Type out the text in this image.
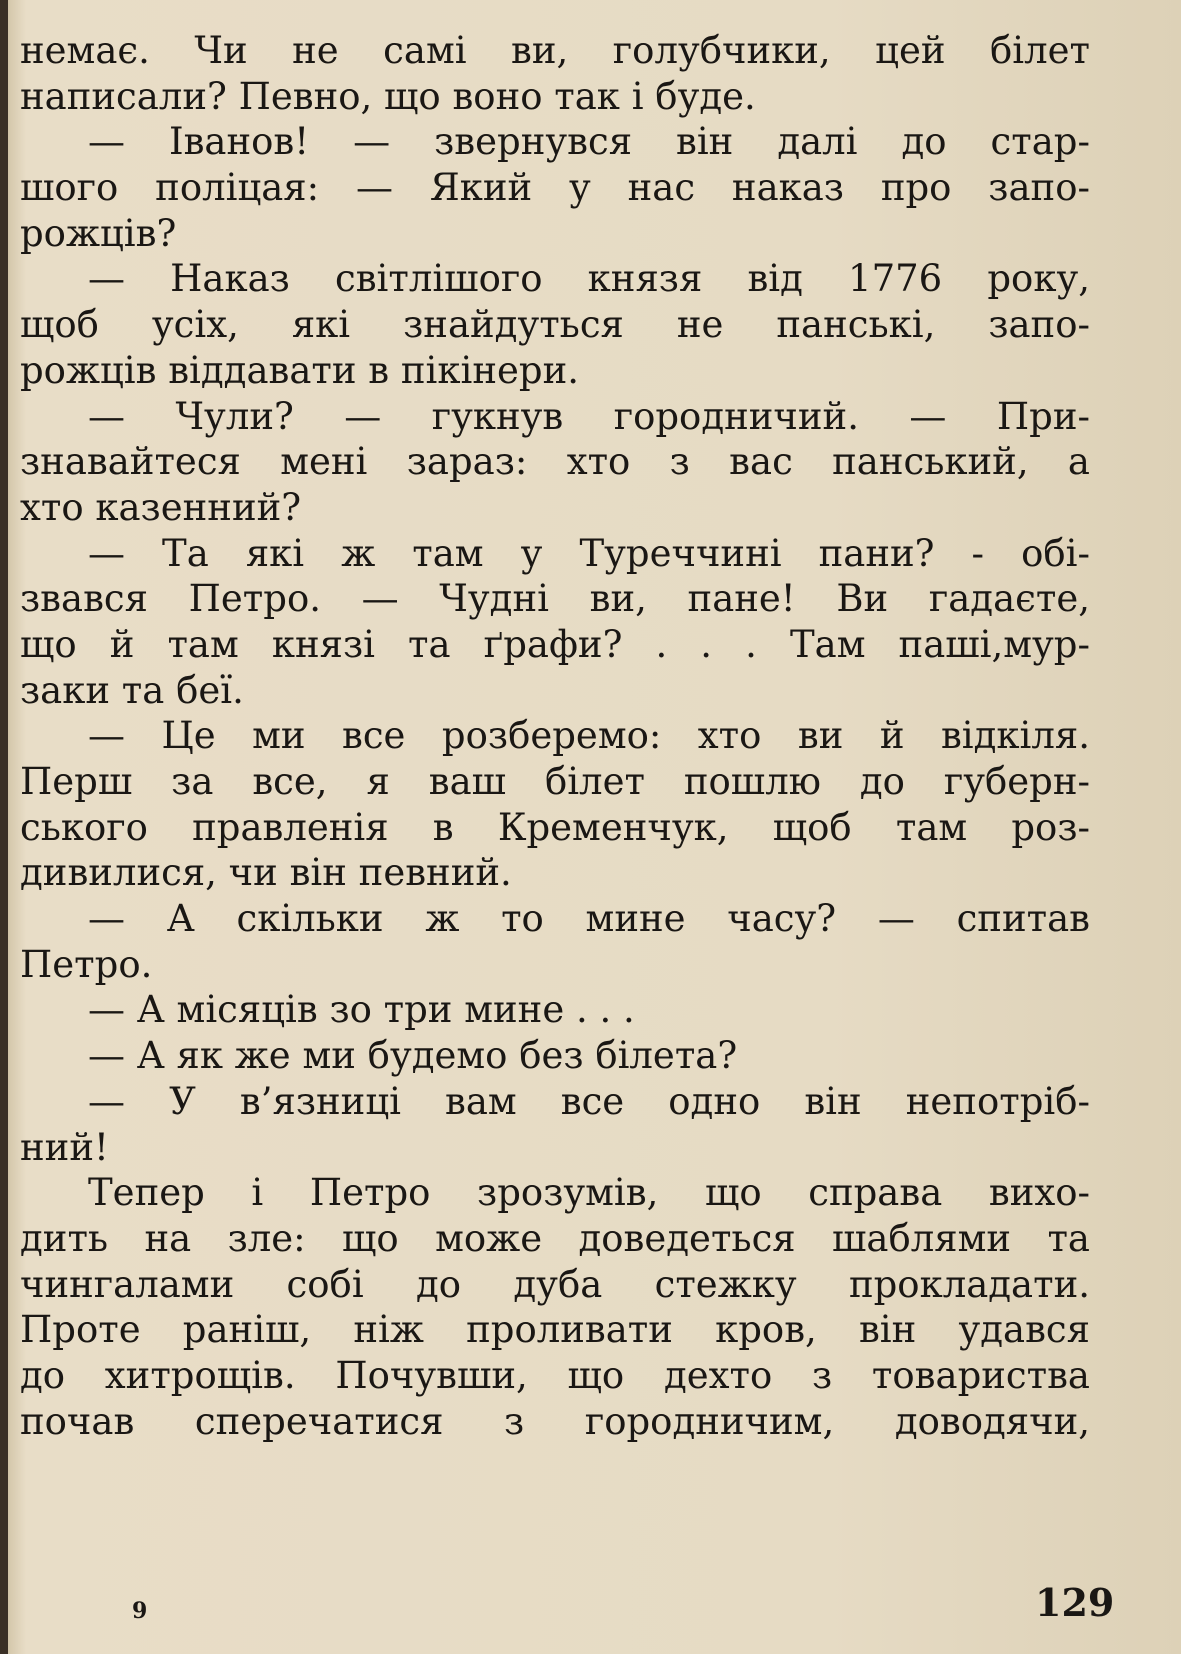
немає. Чи не самі ви, голубчики, цей білет
написали? Певно, що воно так і буде.
— Іванов! — звернувся він далі до стар-
шого поліцая: — Який у нас наказ про запо-
рожців?
— Наказ світлішого князя від 1776 року,
щоб усіх, які знайдуться не панські, запо-
рожців віддавати в пікінери.
— Чули? — гукнув городничий. — При-
знавайтеся мені зараз: хто з вас панський, а
хто казенний?
— Та які ж там у Туреччині пани? - обі-
звався Петро. — Чудні ви, пане! Ви гадаєте,
що й там князі та ґрафи? . . . Там паші,мур-
заки та беї.
— Це ми все розберемо: хто ви й відкіля.
Перш за все, я ваш білет пошлю до губерн-
ського правленія в Кременчук, щоб там роз-
дивилися, чи він певний.
— А скільки ж то мине часу? — спитав
Петро.
— А місяців зо три мине . . .
— А як же ми будемо без білета?
— У в’язниці вам все одно він непотріб-
ний!
Тепер і Петро зрозумів, що справа вихо-
дить на зле: що може доведеться шаблями та
чингалами собі до дуба стежку прокладати.
Проте раніш, ніж проливати кров, він удався
до хитрощів. Почувши, що дехто з товариства
почав сперечатися з городничим, доводячи,
9	129
